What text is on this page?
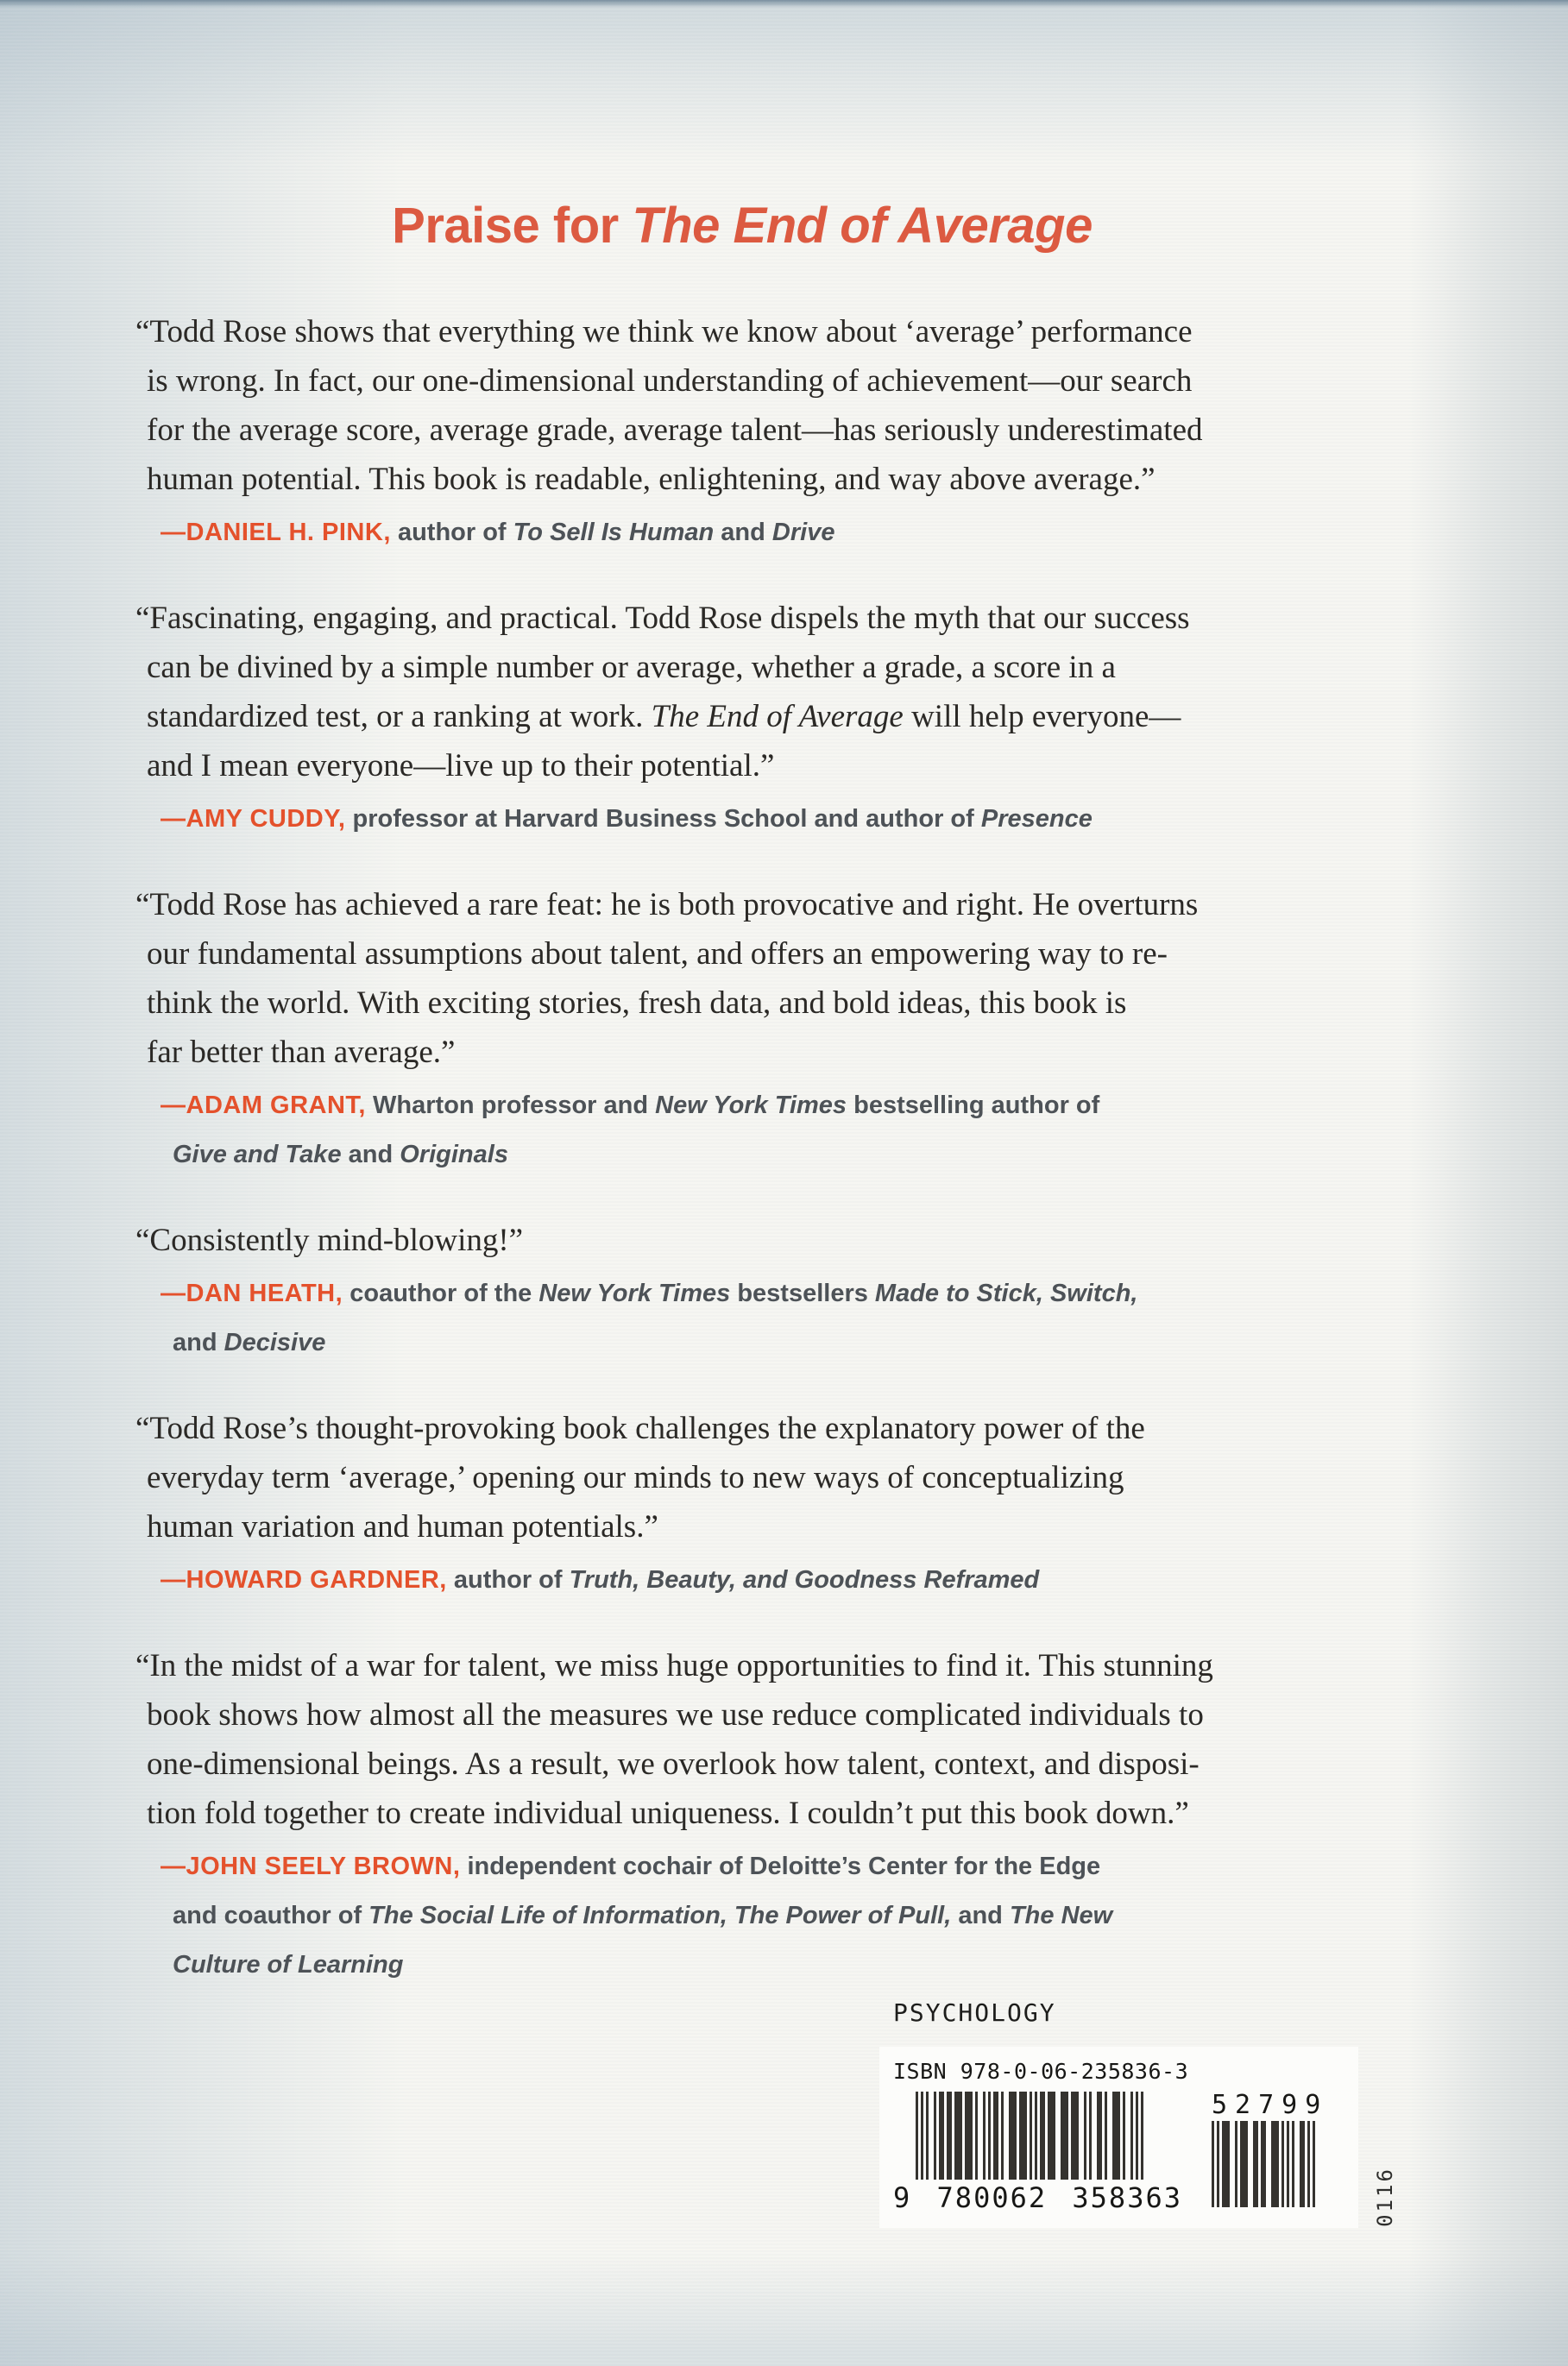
Praise for The End of Average
“Todd Rose shows that everything we think we know about ‘average’ performance
is wrong. In fact, our one-dimensional understanding of achievement—our search
for the average score, average grade, average talent—has seriously underestimated
human potential. This book is readable, enlightening, and way above average.”
—DANIEL H. PINK, author of To Sell Is Human and Drive
“Fascinating, engaging, and practical. Todd Rose dispels the myth that our success
can be divined by a simple number or average, whether a grade, a score in a
standardized test, or a ranking at work. The End of Average will help everyone—
and I mean everyone—live up to their potential.”
—AMY CUDDY, professor at Harvard Business School and author of Presence
“Todd Rose has achieved a rare feat: he is both provocative and right. He overturns
our fundamental assumptions about talent, and offers an empowering way to re-
think the world. With exciting stories, fresh data, and bold ideas, this book is
far better than average.”
—ADAM GRANT, Wharton professor and New York Times bestselling author of
Give and Take and Originals
“Consistently mind-blowing!”
—DAN HEATH, coauthor of the New York Times bestsellers Made to Stick, Switch,
and Decisive
“Todd Rose’s thought-provoking book challenges the explanatory power of the
everyday term ‘average,’ opening our minds to new ways of conceptualizing
human variation and human potentials.”
—HOWARD GARDNER, author of Truth, Beauty, and Goodness Reframed
“In the midst of a war for talent, we miss huge opportunities to find it. This stunning
book shows how almost all the measures we use reduce complicated individuals to
one-dimensional beings. As a result, we overlook how talent, context, and disposi-
tion fold together to create individual uniqueness. I couldn’t put this book down.”
—JOHN SEELY BROWN, independent cochair of Deloitte’s Center for the Edge
and coauthor of The Social Life of Information, The Power of Pull, and The New
Culture of Learning
PSYCHOLOGY
ISBN 978-0-06-235836-3
9 780062 358363
52799
0116
